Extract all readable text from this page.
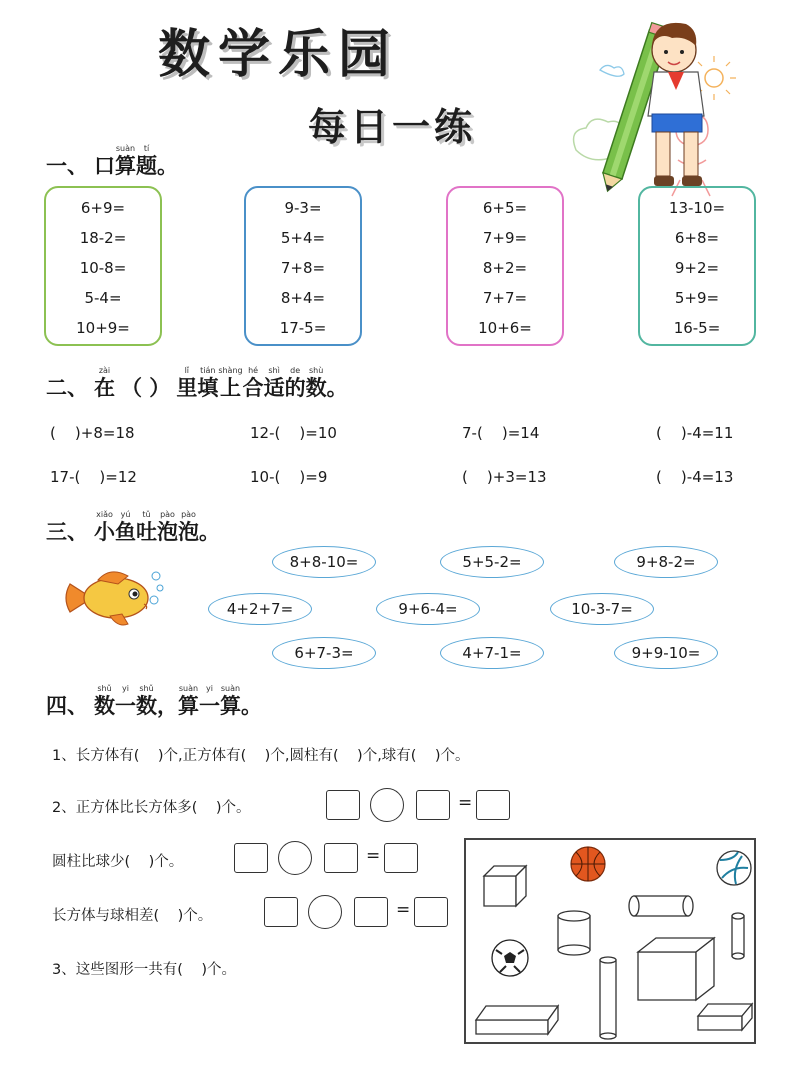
数学乐园
每日一练
一、 口
suàn
算
tí
题 。
6+9=
18-2=
10-8=
5-4=
10+9=
9-3=
5+4=
7+8=
8+4=
17-5=
6+5=
7+9=
8+2=
7+7=
10+6=
13-10=
6+8=
9+2=
5+9=
16-5=
二、
zài
在 （ ）
lǐ
里
tián
填
shàng
上
hé
合
shì
适
de
的
shù
数 。
(    )+8=18	12-(    )=10	7-(    )=14	(    )-4=11
17-(    )=12	10-(    )=9	(    )+3=13	(    )-4=13
三、
xiǎo
小
yú
鱼
tǔ
吐
pào
泡
pào
泡 。
8+8-10=	5+5-2=	9+8-2=
4+2+7=	9+6-4=	10-3-7=
6+7-3=	4+7-1=	9+9-10=
四、
shǔ
数
yi
一
shǔ
数 ，
suàn
算
yi
一
suàn
算 。
1、长方体有(    )个,正方体有(    )个,圆柱有(    )个,球有(    )个。
2、正方体比长方体多(    )个。	=
圆柱比球少(    )个。	=
长方体与球相差(    )个。	=
3、这些图形一共有(    )个。
